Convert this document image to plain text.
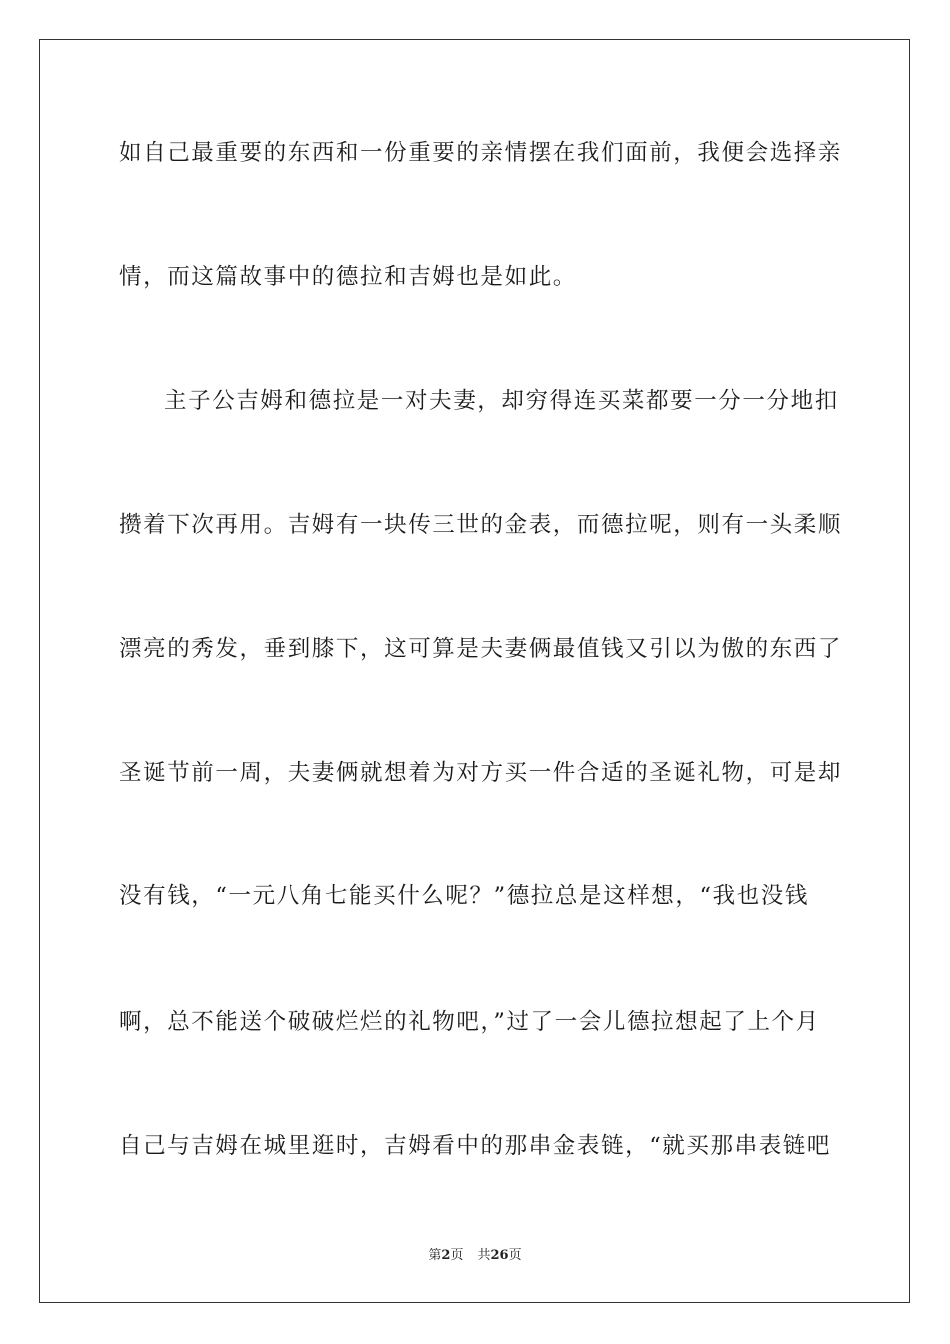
如自己最重要的东西和一份重要的亲情摆在我们面前，我便会选择亲

情，而这篇故事中的德拉和吉姆也是如此。

主子公吉姆和德拉是一对夫妻，却穷得连买菜都要一分一分地扣

攒着下次再用。吉姆有一块传三世的金表，而德拉呢，则有一头柔顺

漂亮的秀发，垂到膝下，这可算是夫妻俩最值钱又引以为傲的东西了

圣诞节前一周，夫妻俩就想着为对方买一件合适的圣诞礼物，可是却

没有钱，“一元八角七能买什么呢？”德拉总是这样想，“我也没钱

啊，总不能送个破破烂烂的礼物吧，”过了一会儿德拉想起了上个月

自己与吉姆在城里逛时，吉姆看中的那串金表链，“就买那串表链吧

第2页 共26页
